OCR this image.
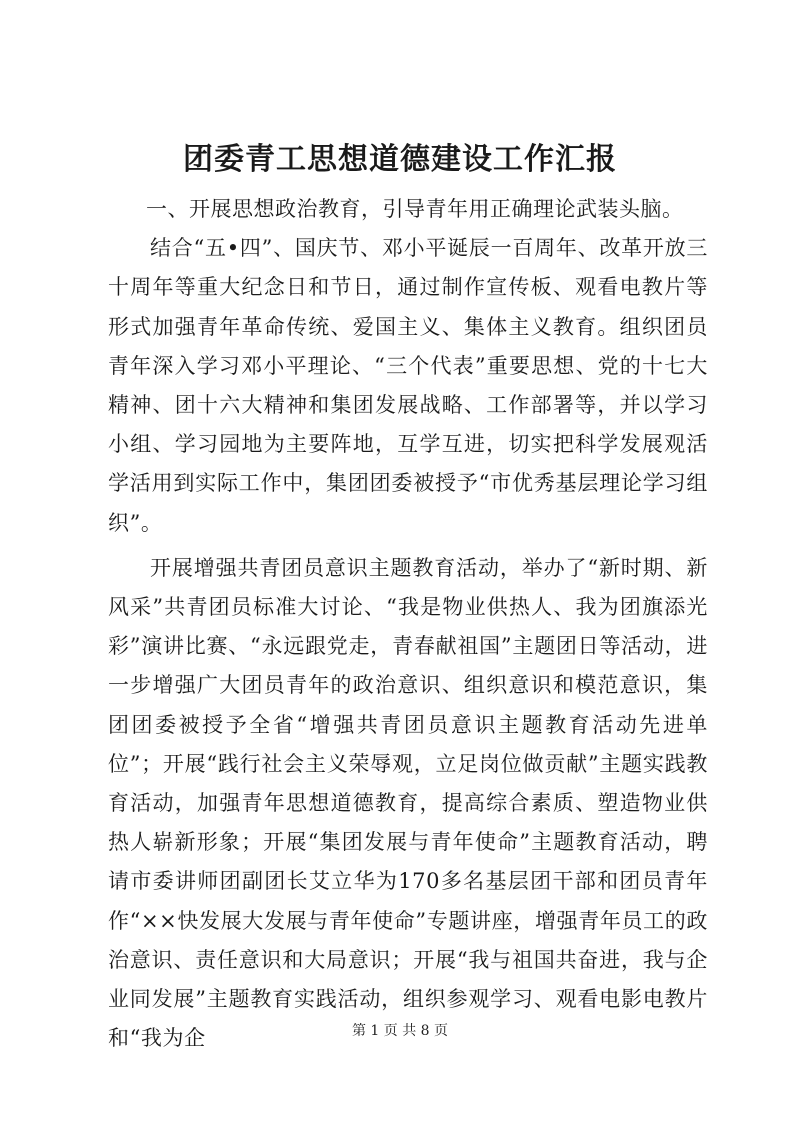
团委青工思想道德建设工作汇报

一、开展思想政治教育，引导青年用正确理论武装头脑。

结合“五•四”、国庆节、邓小平诞辰一百周年、改革开放三十周年等重大纪念日和节日，通过制作宣传板、观看电教片等形式加强青年革命传统、爱国主义、集体主义教育。组织团员青年深入学习邓小平理论、“三个代表”重要思想、党的十七大精神、团十六大精神和集团发展战略、工作部署等，并以学习小组、学习园地为主要阵地，互学互进，切实把科学发展观活学活用到实际工作中，集团团委被授予“市优秀基层理论学习组织”。

开展增强共青团员意识主题教育活动，举办了“新时期、新风采”共青团员标准大讨论、“我是物业供热人、我为团旗添光彩”演讲比赛、“永远跟党走，青春献祖国”主题团日等活动，进一步增强广大团员青年的政治意识、组织意识和模范意识，集团团委被授予全省“增强共青团员意识主题教育活动先进单位”；开展“践行社会主义荣辱观，立足岗位做贡献”主题实践教育活动，加强青年思想道德教育，提高综合素质、塑造物业供热人崭新形象；开展“集团发展与青年使命”主题教育活动，聘请市委讲师团副团长艾立华为170多名基层团干部和团员青年作“××快发展大发展与青年使命”专题讲座，增强青年员工的政治意识、责任意识和大局意识；开展“我与祖国共奋进，我与企业同发展”主题教育实践活动，组织参观学习、观看电影电教片和“我为企	第 1 页 共 8 页
